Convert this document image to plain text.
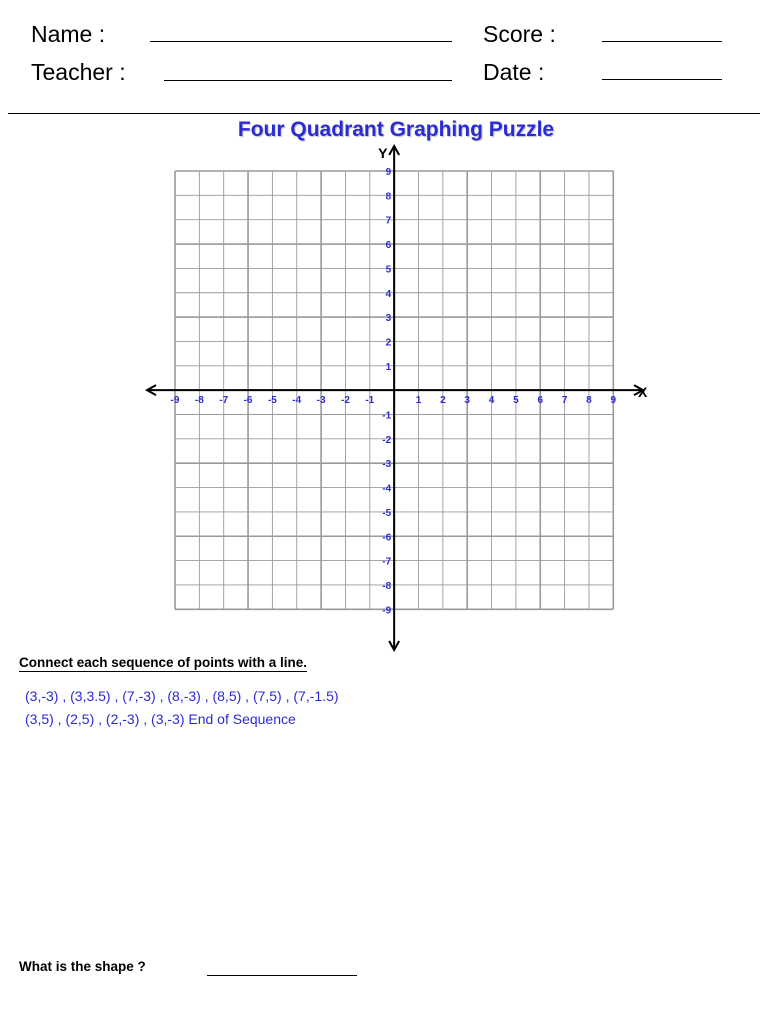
Name :
Teacher :
Score :
Date :
Four Quadrant Graphing Puzzle
X
Y
-9 -8 -7 -6 -5 -4 -3 -2 -1	1 2 3 4 5 6 7 8 9
9
8
7
6
5
4
3
2
1
-1
-2
-3
-4
-5
-6
-7
-8
-9
Connect each sequence of points with a line.
(3,-3) , (3,3.5) , (7,-3) , (8,-3) , (8,5) , (7,5) , (7,-1.5)
(3,5) , (2,5) , (2,-3) , (3,-3) End of Sequence
What is the shape ?
